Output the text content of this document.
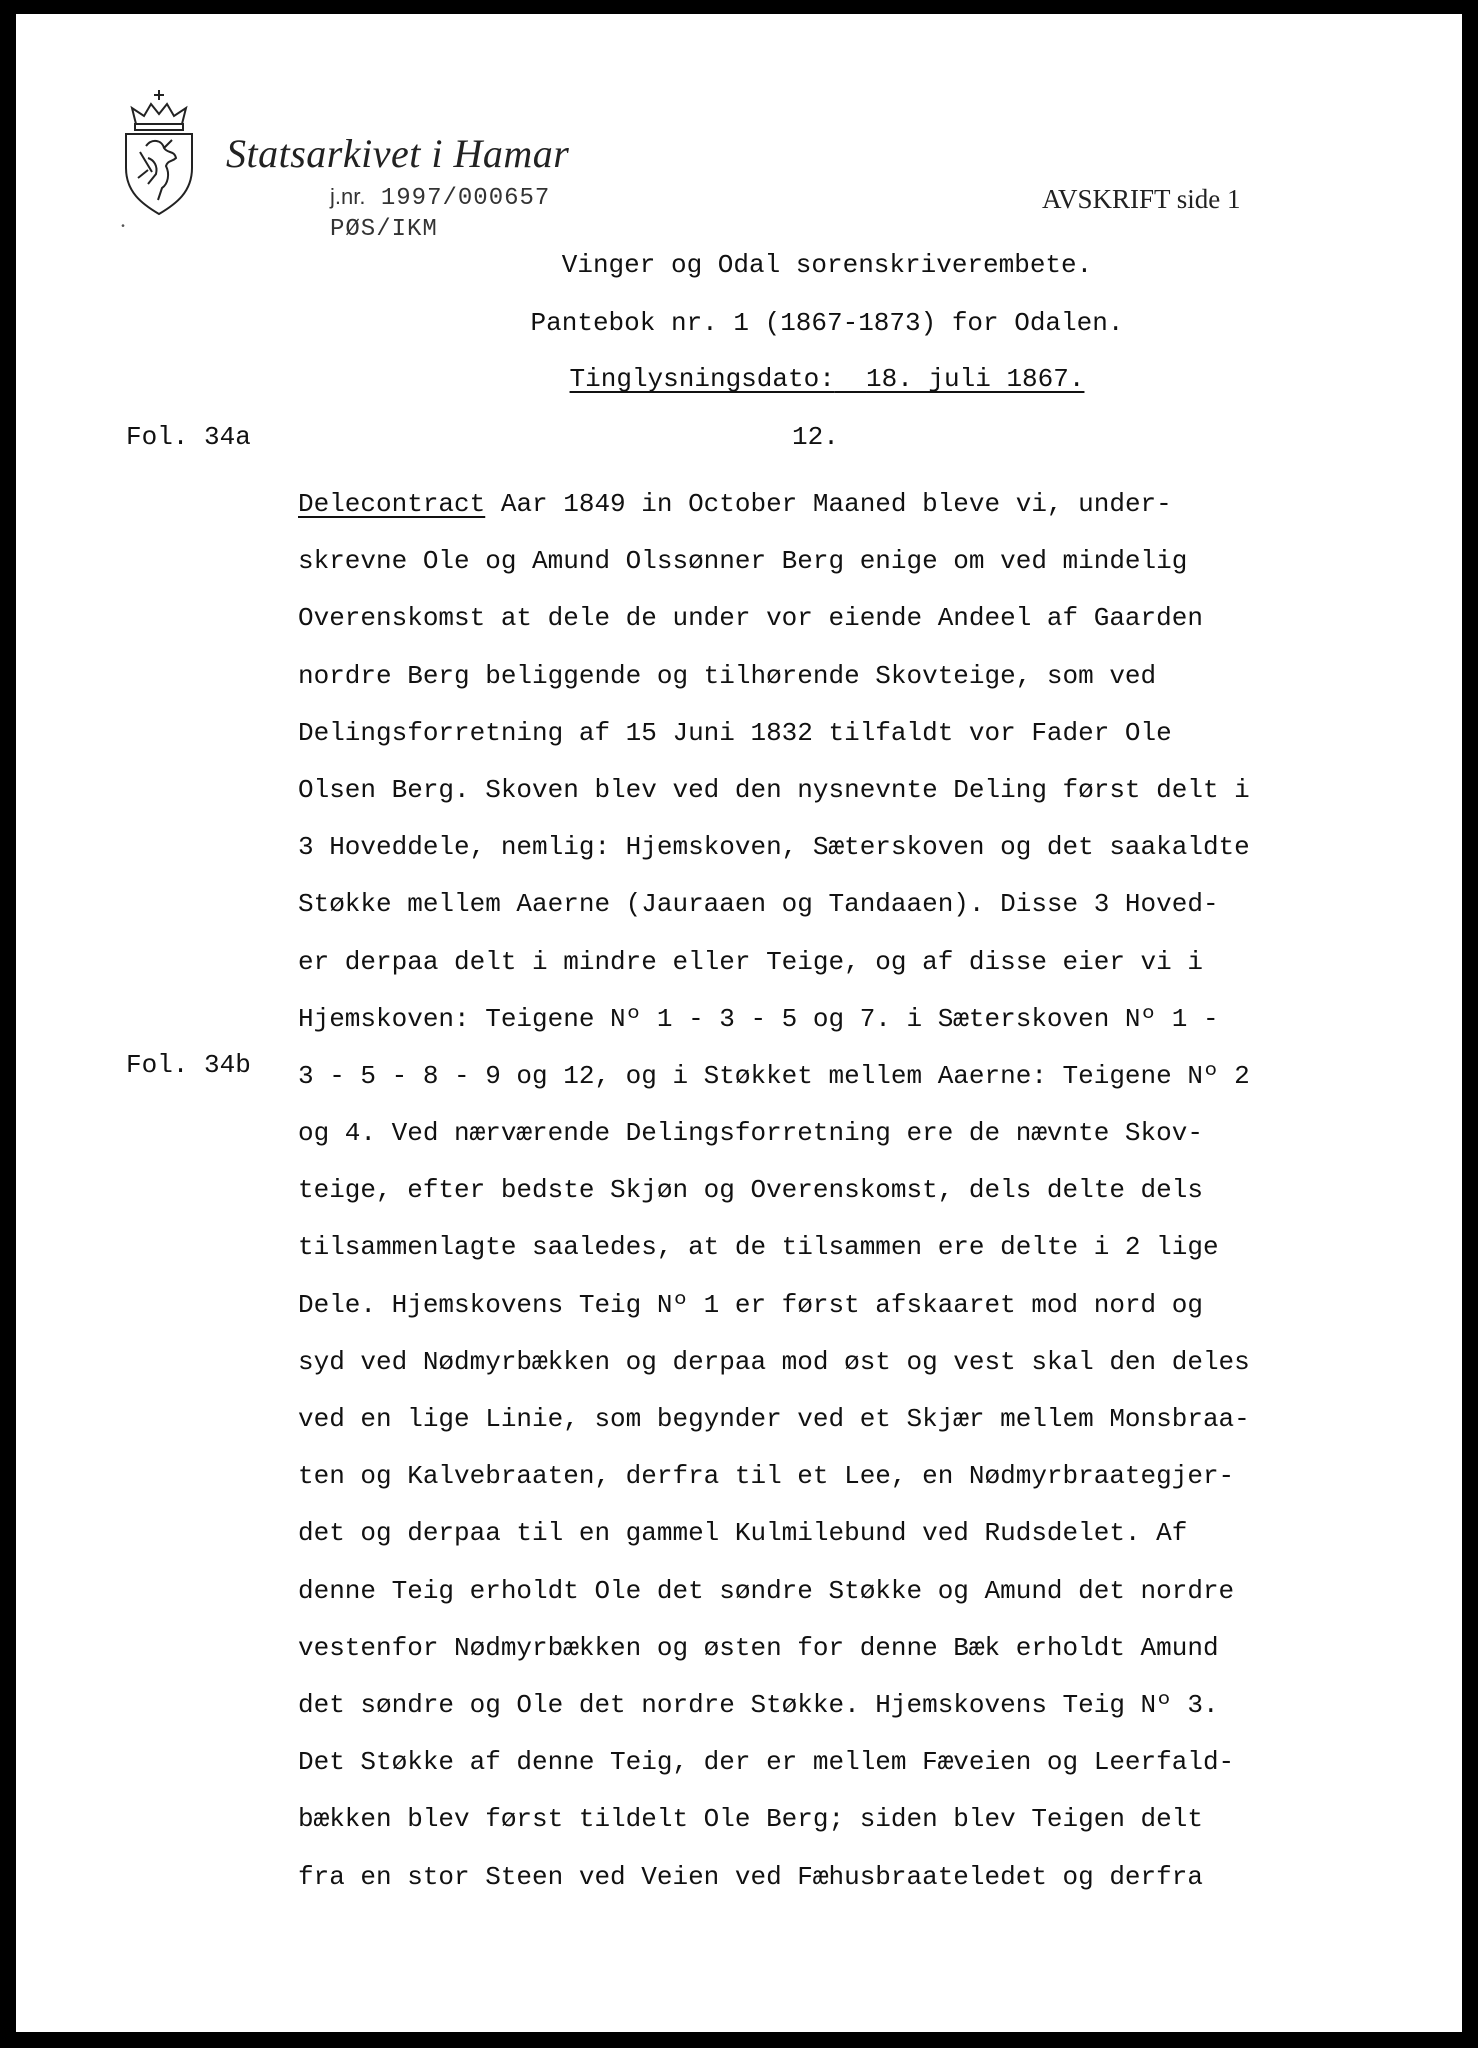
•
Statsarkivet i Hamar
j.nr. 1997/000657
PØS/IKM
AVSKRIFT side 1
Vinger og Odal sorenskriverembete.
Pantebok nr. 1 (1867-1873) for Odalen.
Tinglysningsdato: 18. juli 1867.
Fol. 34a	12.
Fol. 34b
Delecontract Aar 1849 in October Maaned bleve vi, under-
skrevne Ole og Amund Olssønner Berg enige om ved mindelig
Overenskomst at dele de under vor eiende Andeel af Gaarden
nordre Berg beliggende og tilhørende Skovteige, som ved
Delingsforretning af 15 Juni 1832 tilfaldt vor Fader Ole
Olsen Berg. Skoven blev ved den nysnevnte Deling først delt i
3 Hoveddele, nemlig: Hjemskoven, Sæterskoven og det saakaldte
Støkke mellem Aaerne (Jauraaen og Tandaaen). Disse 3 Hoved-
er derpaa delt i mindre eller Teige, og af disse eier vi i
Hjemskoven: Teigene Nº 1 - 3 - 5 og 7. i Sæterskoven Nº 1 -
3 - 5 - 8 - 9 og 12, og i Støkket mellem Aaerne: Teigene Nº 2
og 4. Ved nærværende Delingsforretning ere de nævnte Skov-
teige, efter bedste Skjøn og Overenskomst, dels delte dels
tilsammenlagte saaledes, at de tilsammen ere delte i 2 lige
Dele. Hjemskovens Teig Nº 1 er først afskaaret mod nord og
syd ved Nødmyrbækken og derpaa mod øst og vest skal den deles
ved en lige Linie, som begynder ved et Skjær mellem Monsbraa-
ten og Kalvebraaten, derfra til et Lee, en Nødmyrbraategjer-
det og derpaa til en gammel Kulmilebund ved Rudsdelet. Af
denne Teig erholdt Ole det søndre Støkke og Amund det nordre
vestenfor Nødmyrbækken og østen for denne Bæk erholdt Amund
det søndre og Ole det nordre Støkke. Hjemskovens Teig Nº 3.
Det Støkke af denne Teig, der er mellem Fæveien og Leerfald-
bækken blev først tildelt Ole Berg; siden blev Teigen delt
fra en stor Steen ved Veien ved Fæhusbraateledet og derfra
